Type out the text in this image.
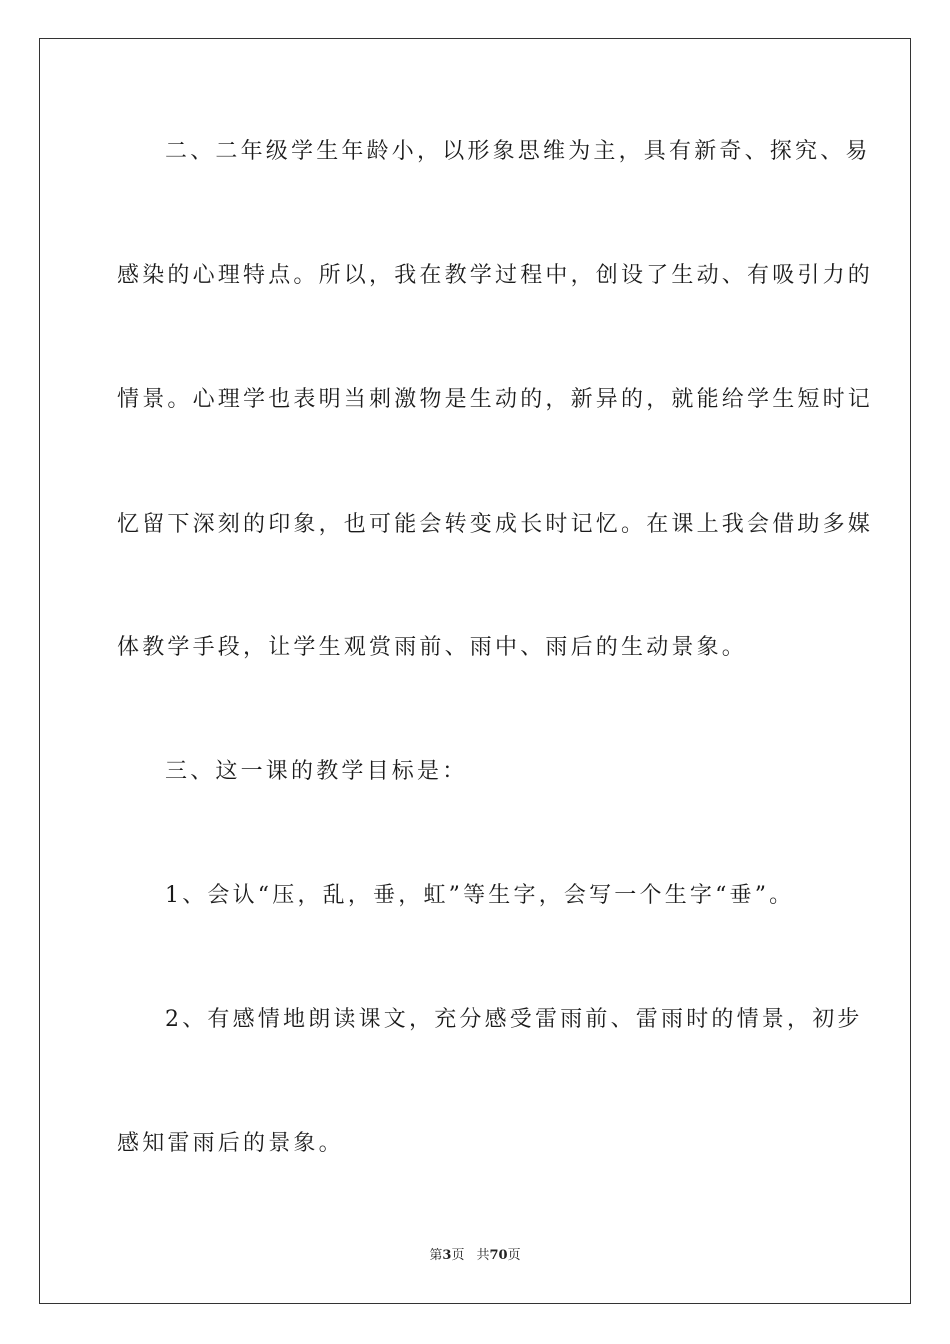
二、二年级学生年龄小，以形象思维为主，具有新奇、探究、易
感染的心理特点。所以，我在教学过程中，创设了生动、有吸引力的
情景。心理学也表明当刺激物是生动的，新异的，就能给学生短时记
忆留下深刻的印象，也可能会转变成长时记忆。在课上我会借助多媒
体教学手段，让学生观赏雨前、雨中、雨后的生动景象。
三、这一课的教学目标是：
1、会认“压，乱，垂，虹”等生字，会写一个生字“垂”。
2、有感情地朗读课文，充分感受雷雨前、雷雨时的情景，初步
感知雷雨后的景象。
第3页 共70页
